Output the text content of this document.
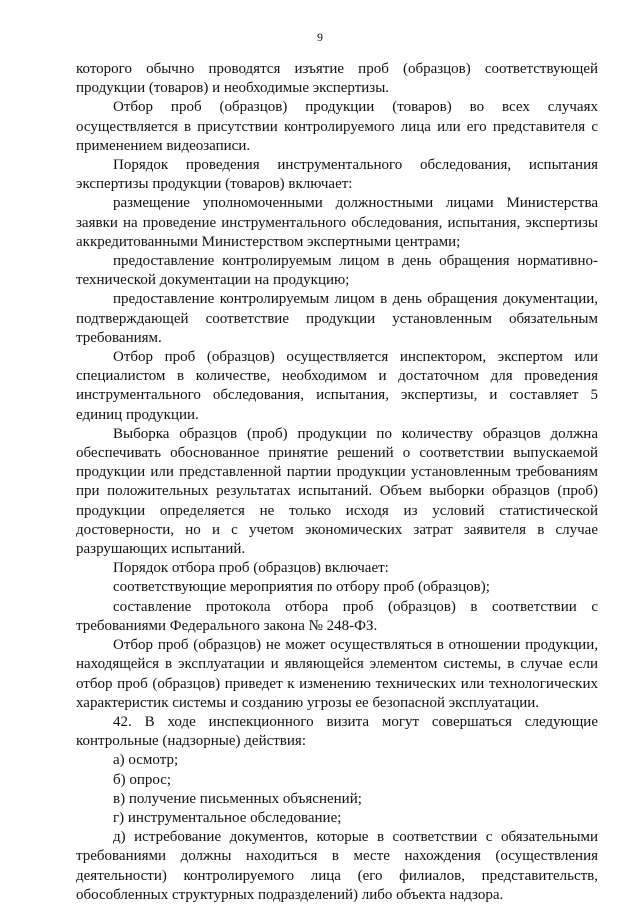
9

которого обычно проводятся изъятие проб (образцов) соответствующей продукции (товаров) и необходимые экспертизы.

Отбор проб (образцов) продукции (товаров) во всех случаях осуществляется в присутствии контролируемого лица или его представителя с применением видеозаписи.

Порядок проведения инструментального обследования, испытания экспертизы продукции (товаров) включает:

размещение уполномоченными должностными лицами Министерства заявки на проведение инструментального обследования, испытания, экспертизы аккредитованными Министерством экспертными центрами;

предоставление контролируемым лицом в день обращения нормативно-технической документации на продукцию;

предоставление контролируемым лицом в день обращения документации, подтверждающей соответствие продукции установленным обязательным требованиям.

Отбор проб (образцов) осуществляется инспектором, экспертом или специалистом в количестве, необходимом и достаточном для проведения инструментального обследования, испытания, экспертизы, и составляет 5 единиц продукции.

Выборка образцов (проб) продукции по количеству образцов должна обеспечивать обоснованное принятие решений о соответствии выпускаемой продукции или представленной партии продукции установленным требованиям при положительных результатах испытаний. Объем выборки образцов (проб) продукции определяется не только исходя из условий статистической достоверности, но и с учетом экономических затрат заявителя в случае разрушающих испытаний.

Порядок отбора проб (образцов) включает:

соответствующие мероприятия по отбору проб (образцов);

составление протокола отбора проб (образцов) в соответствии с требованиями Федерального закона № 248-ФЗ.

Отбор проб (образцов) не может осуществляться в отношении продукции, находящейся в эксплуатации и являющейся элементом системы, в случае если отбор проб (образцов) приведет к изменению технических или технологических характеристик системы и созданию угрозы ее безопасной эксплуатации.

42. В ходе инспекционного визита могут совершаться следующие контрольные (надзорные) действия:

а) осмотр;

б) опрос;

в) получение письменных объяснений;

г) инструментальное обследование;

д) истребование документов, которые в соответствии с обязательными требованиями должны находиться в месте нахождения (осуществления деятельности) контролируемого лица (его филиалов, представительств, обособленных структурных подразделений) либо объекта надзора.
